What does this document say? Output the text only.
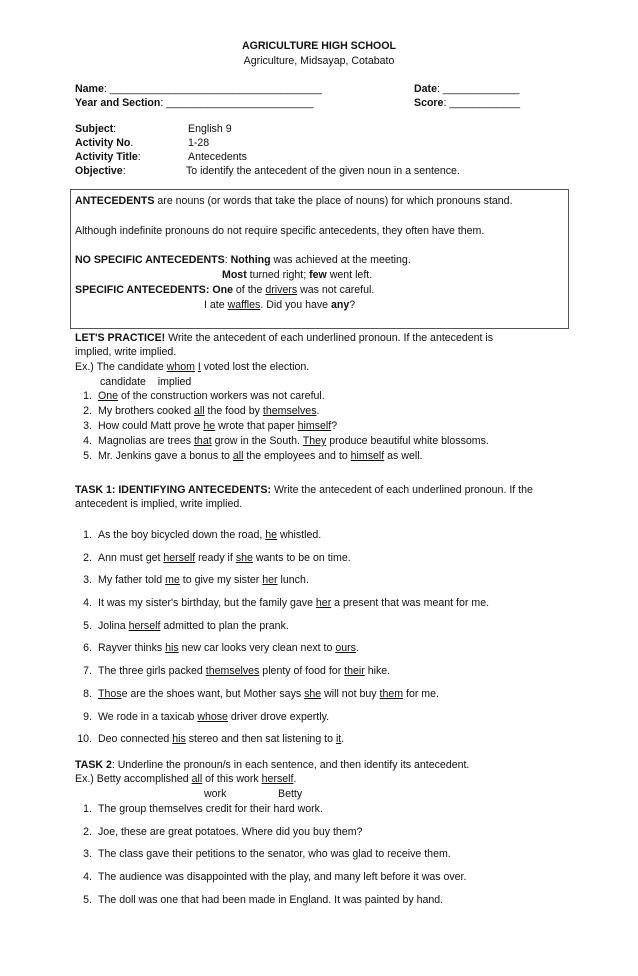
AGRICULTURE HIGH SCHOOL
Agriculture, Midsayap, Cotabato
Name: ____________________________________	Date: _____________
Year and Section: _________________________	Score: ____________
Subject:	English 9
Activity No.	1-28
Activity Title:	Antecedents
Objective:	To identify the antecedent of the given noun in a sentence.
ANTECEDENTS are nouns (or words that take the place of nouns) for which pronouns stand.
Although indefinite pronouns do not require specific antecedents, they often have them.
NO SPECIFIC ANTECEDENTS: Nothing was achieved at the meeting.
Most turned right; few went left.
SPECIFIC ANTECEDENTS: One of the drivers was not careful.
I ate waffles. Did you have any?
LET'S PRACTICE! Write the antecedent of each underlined pronoun. If the antecedent is
implied, write implied.
Ex.) The candidate whom I voted lost the election.
candidate    implied
1. One of the construction workers was not careful.
2. My brothers cooked all the food by themselves.
3. How could Matt prove he wrote that paper himself?
4. Magnolias are trees that grow in the South. They produce beautiful white blossoms.
5. Mr. Jenkins gave a bonus to all the employees and to himself as well.
TASK 1: IDENTIFYING ANTECEDENTS: Write the antecedent of each underlined pronoun. If the
antecedent is implied, write implied.
1. As the boy bicycled down the road, he whistled.
2. Ann must get herself ready if she wants to be on time.
3. My father told me to give my sister her lunch.
4. It was my sister's birthday, but the family gave her a present that was meant for me.
5. Jolina herself admitted to plan the prank.
6. Rayver thinks his new car looks very clean next to ours.
7. The three girls packed themselves plenty of food for their hike.
8. Those are the shoes want, but Mother says she will not buy them for me.
9. We rode in a taxicab whose driver drove expertly.
10. Deo connected his stereo and then sat listening to it.
TASK 2: Underline the pronoun/s in each sentence, and then identify its antecedent.
Ex.) Betty accomplished all of this work herself.
work	Betty
1. The group themselves credit for their hard work.
2. Joe, these are great potatoes. Where did you buy them?
3. The class gave their petitions to the senator, who was glad to receive them.
4. The audience was disappointed with the play, and many left before it was over.
5. The doll was one that had been made in England. It was painted by hand.
